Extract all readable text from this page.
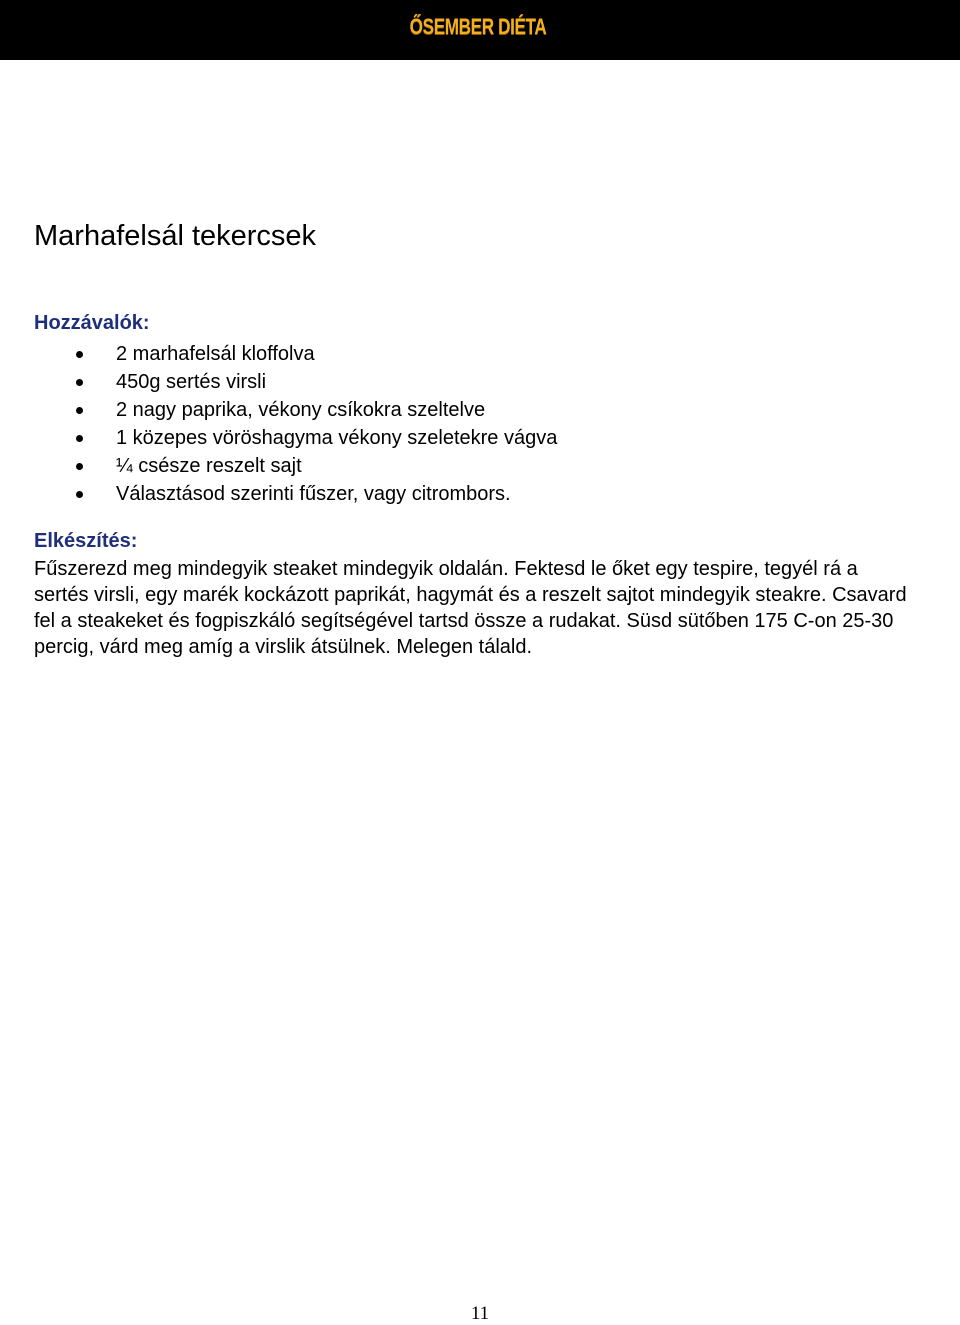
ŐSEMBER DIÉTA
Marhafelsál tekercsek
Hozzávalók:
2 marhafelsál kloffolva
450g sertés virsli
2 nagy paprika, vékony csíkokra szeltelve
1 közepes vöröshagyma vékony szeletekre vágva
¼ csésze reszelt sajt
Választásod szerinti fűszer, vagy citrombors.
Elkészítés:

Fűszerezd meg mindegyik steaket mindegyik oldalán. Fektesd le őket egy tespire, tegyél rá a sertés virsli, egy marék kockázott paprikát, hagymát és a reszelt sajtot mindegyik steakre. Csavard fel a steakeket és fogpiszkáló segítségével tartsd össze a rudakat. Süsd sütőben 175 C-on 25-30 percig, várd meg amíg a virslik átsülnek. Melegen tálald.

11
